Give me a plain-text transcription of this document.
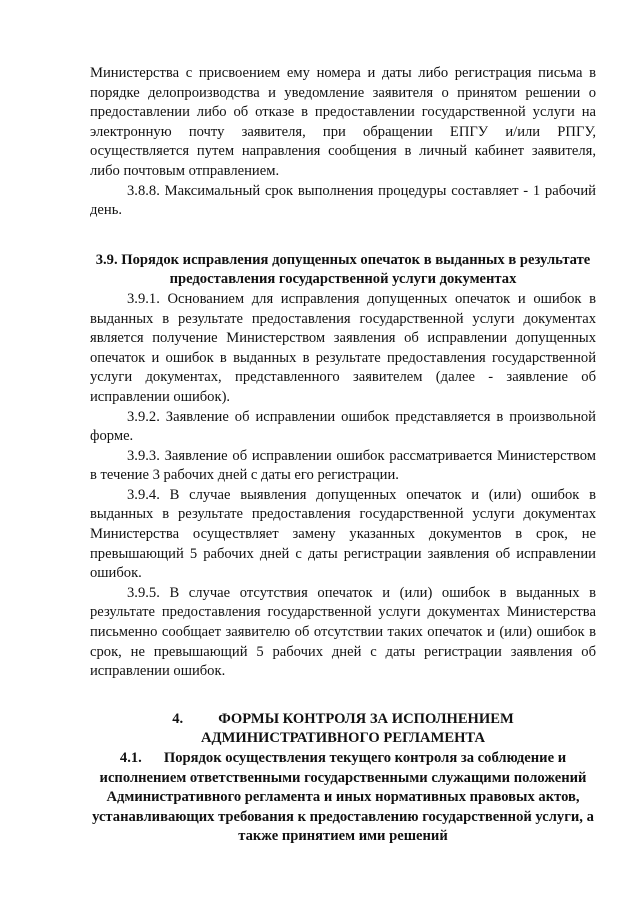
Министерства с присвоением ему номера и даты либо регистрация письма в порядке делопроизводства и уведомление заявителя о принятом решении о предоставлении либо об отказе в предоставлении государственной услуги на электронную почту заявителя, при обращении ЕПГУ и/или РПГУ, осуществляется путем направления сообщения в личный кабинет заявителя, либо почтовым отправлением.

3.8.8. Максимальный срок выполнения процедуры составляет - 1 рабочий день.

3.9. Порядок исправления допущенных опечаток в выданных в результате предоставления государственной услуги документах

3.9.1. Основанием для исправления допущенных опечаток и ошибок в выданных в результате предоставления государственной услуги документах является получение Министерством заявления об исправлении допущенных опечаток и ошибок в выданных в результате предоставления государственной услуги документах, представленного заявителем (далее - заявление об исправлении ошибок).

3.9.2. Заявление об исправлении ошибок представляется в произвольной форме.

3.9.3. Заявление об исправлении ошибок рассматривается Министерством в течение 3 рабочих дней с даты его регистрации.

3.9.4. В случае выявления допущенных опечаток и (или) ошибок в выданных в результате предоставления государственной услуги документах Министерства осуществляет замену указанных документов в срок, не превышающий 5 рабочих дней с даты регистрации заявления об исправлении ошибок.

3.9.5. В случае отсутствия опечаток и (или) ошибок в выданных в результате предоставления государственной услуги документах Министерства письменно сообщает заявителю об отсутствии таких опечаток и (или) ошибок в срок, не превышающий 5 рабочих дней с даты регистрации заявления об исправлении ошибок.

4. ФОРМЫ КОНТРОЛЯ ЗА ИСПОЛНЕНИЕМ АДМИНИСТРАТИВНОГО РЕГЛАМЕНТА

4.1. Порядок осуществления текущего контроля за соблюдение и исполнением ответственными государственными служащими положений Административного регламента и иных нормативных правовых актов, устанавливающих требования к предоставлению государственной услуги, а также принятием ими решений
